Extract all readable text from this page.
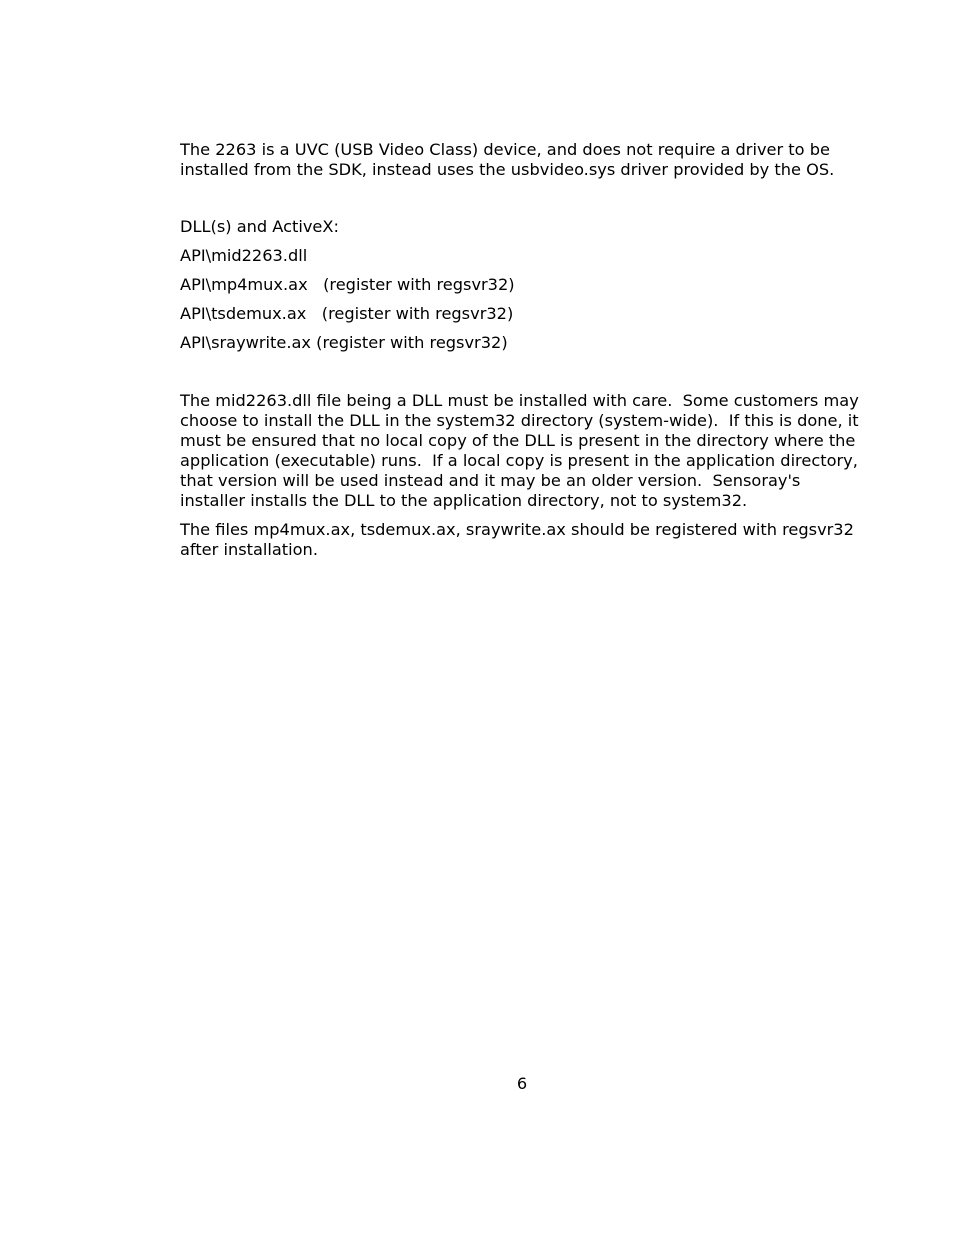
The 2263 is a UVC (USB Video Class) device, and does not require a driver to be installed from the SDK, instead uses the usbvideo.sys driver provided by the OS.

DLL(s) and ActiveX:

API\mid2263.dll

API\mp4mux.ax   (register with regsvr32)

API\tsdemux.ax   (register with regsvr32)

API\sraywrite.ax (register with regsvr32)

The mid2263.dll file being a DLL must be installed with care.  Some customers may choose to install the DLL in the system32 directory (system-wide).  If this is done, it must be ensured that no local copy of the DLL is present in the directory where the application (executable) runs.  If a local copy is present in the application directory, that version will be used instead and it may be an older version.  Sensoray's installer installs the DLL to the application directory, not to system32.

The files mp4mux.ax, tsdemux.ax, sraywrite.ax should be registered with regsvr32 after installation.

6
